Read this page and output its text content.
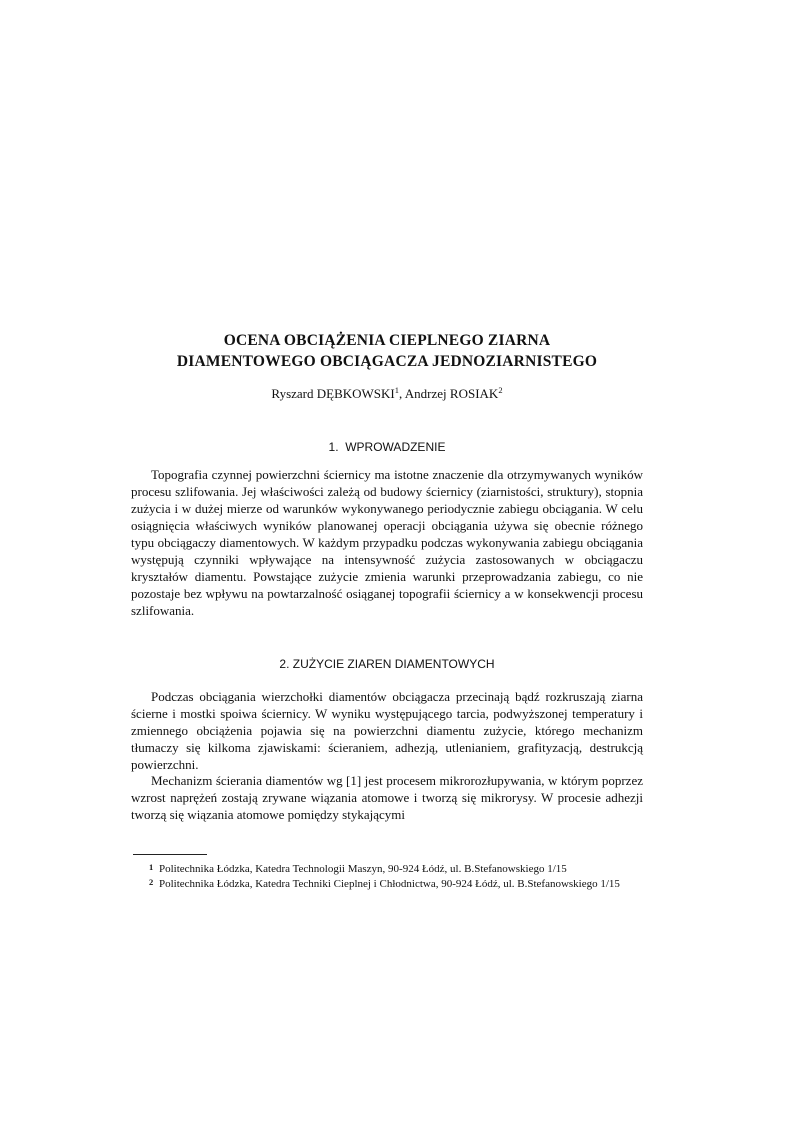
OCENA OBCIĄŻENIA CIEPLNEGO ZIARNA
DIAMENTOWEGO OBCIĄGACZA JEDNOZIARNISTEGO
Ryszard DĘBKOWSKI$^1$, Andrzej ROSIAK$^2$
1.  WPROWADZENIE

Topografia czynnej powierzchni ściernicy ma istotne znaczenie dla otrzymywanych wyników procesu szlifowania. Jej właściwości zależą od budowy ściernicy (ziarnistości, struktury), stopnia zużycia i w dużej mierze od warunków wykonywanego periodycznie zabiegu obciągania. W celu osiągnięcia właściwych wyników planowanej operacji obciągania używa się obecnie różnego typu obciągaczy diamentowych. W każdym przypadku podczas wykonywania zabiegu obciągania występują czynniki wpływające na intensywność zużycia zastosowanych w obciągaczu kryształów diamentu. Powstające zużycie zmienia warunki przeprowadzania zabiegu, co nie pozostaje bez wpływu na powtarzalność osiąganej topografii ściernicy a w konsekwencji procesu szlifowania.

2. ZUŻYCIE ZIAREN DIAMENTOWYCH

Podczas obciągania wierzchołki diamentów obciągacza przecinają bądź rozkruszają ziarna ścierne i mostki spoiwa ściernicy. W wyniku występującego tarcia, podwyższonej temperatury i zmiennego obciążenia pojawia się na powierzchni diamentu zużycie, którego mechanizm tłumaczy się kilkoma zjawiskami: ścieraniem, adhezją, utlenianiem, grafityzacją, destrukcją powierzchni.

Mechanizm ścierania diamentów wg [1] jest procesem mikrorozłupywania, w którym poprzez wzrost naprężeń zostają zrywane wiązania atomowe i tworzą się mikrorysy. W procesie adhezji tworzą się wiązania atomowe pomiędzy stykającymi

1 Politechnika Łódzka, Katedra Technologii Maszyn, 90-924 Łódź, ul. B.Stefanowskiego 1/15
2 Politechnika Łódzka, Katedra Techniki Cieplnej i Chłodnictwa, 90-924 Łódź, ul. B.Stefanowskiego 1/15
